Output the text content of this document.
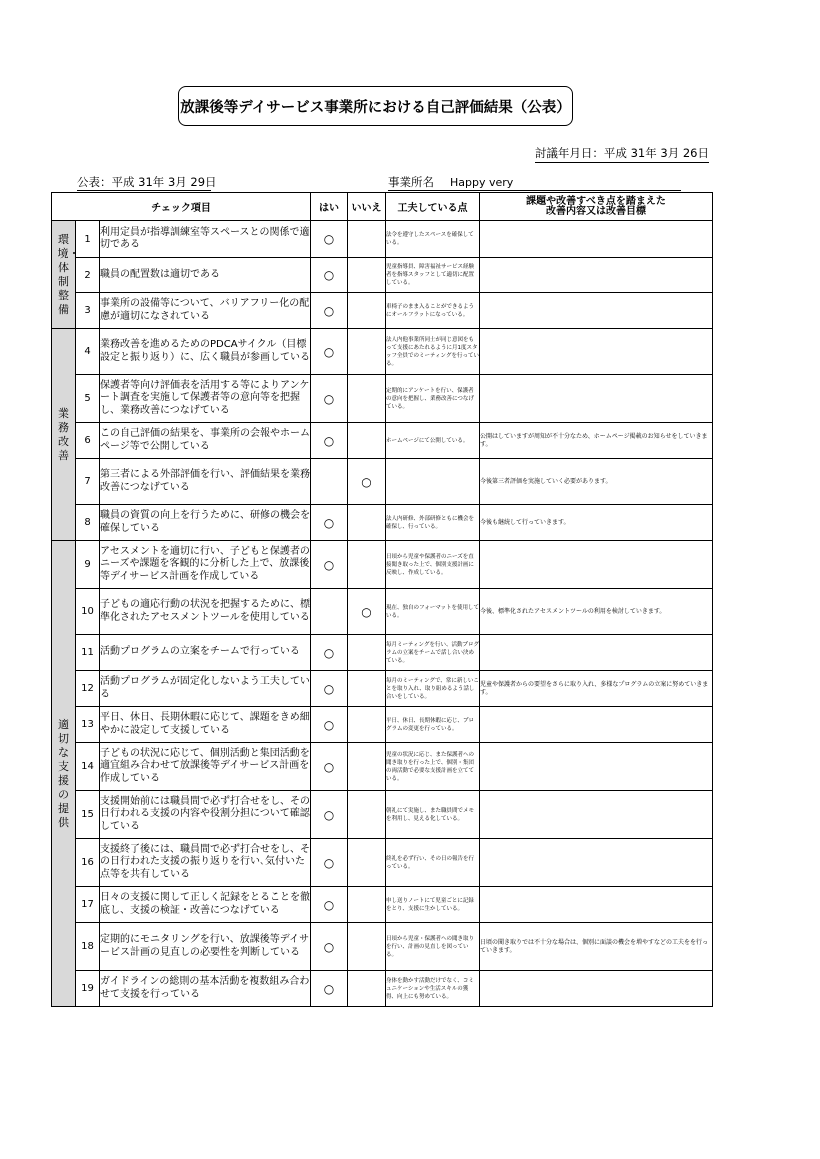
放課後等デイサービス事業所における自己評価結果（公表）
討議年月日：平成 31年 3月 26日
公表：平成 31年 3月 29日	事業所名 Happy very
チェック項目			はい	いいえ	工夫している点	課題や改善すべき点を踏まえた
改善内容又は改善目標

環境・体制整備	1	利用定員が指導訓練室等スペースとの関係で適切である	○		法令を遵守したスペースを確保している。	
	2	職員の配置数は適切である	○		児童指導員、障害福祉サービス経験者を指導スタッフとして適切に配置している。	
	3	事業所の設備等について、バリアフリー化の配慮が適切になされている	○		車椅子のまま入ることができるようにオールフラットになっている。	

業務改善	4	業務改善を進めるためのPDCAサイクル（目標設定と振り返り）に、広く職員が参画している	○		法人内他事業所同士が同じ意図をもって支援にあたれるように月1度スタッフ全員でのミーティングを行っている。	
	5	保護者等向け評価表を活用する等によりアンケート調査を実施して保護者等の意向等を把握し、業務改善につなげている	○		定期的にアンケートを行い、保護者の意向を把握し、業務改善につなげている。	
	6	この自己評価の結果を、事業所の会報やホームページ等で公開している	○		ホームページにて公開している。	公開はしていますが周知が不十分なため、ホームページ掲載のお知らせをしていきます。
	7	第三者による外部評価を行い、評価結果を業務改善につなげている		○		今後第三者評価を実施していく必要があります。
	8	職員の資質の向上を行うために、研修の機会を確保している	○		法人内研修、外部研修ともに機会を確保し、行っている。	今後も継続して行っていきます。

適切な支援の提供	9	アセスメントを適切に行い、子どもと保護者のニーズや課題を客観的に分析した上で、放課後等デイサービス計画を作成している	○		日頃から児童や保護者のニーズを直接聞き取った上で、個別支援計画に反映し、作成している。	
	10	子どもの適応行動の状況を把握するために、標準化されたアセスメントツールを使用している		○	現在、独自のフォーマットを使用している。	今後、標準化されたアセスメントツールの利用を検討していきます。
	11	活動プログラムの立案をチームで行っている	○		毎月ミーティングを行い、活動プログラムの立案をチームで話し合い決めている。	
	12	活動プログラムが固定化しないよう工夫している	○		毎月のミーティングで、常に新しいことを取り入れ、取り組めるよう話し合いをしている。	児童や保護者からの要望をさらに取り入れ、多様なプログラムの立案に努めていきます。
	13	平日、休日、長期休暇に応じて、課題をきめ細やかに設定して支援している	○		平日、休日、長期休暇に応じ、プログラムの変更を行っている。	
	14	子どもの状況に応じて、個別活動と集団活動を適宜組み合わせて放課後等デイサービス計画を作成している	○		児童の状況に応じ、また保護者への聞き取りを行った上で、個別・集団の両活動で必要な支援計画を立てている。	
	15	支援開始前には職員間で必ず打合せをし、その日行われる支援の内容や役割分担について確認している	○		朝礼にて実施し、また職員間でメモを利用し、見える化している。	
	16	支援終了後には、職員間で必ず打合せをし、その日行われた支援の振り返りを行い､気付いた点等を共有している	○		終礼を必ず行い、その日の報告を行っている。	
	17	日々の支援に関して正しく記録をとることを徹底し、支援の検証・改善につなげている	○		申し送りノートにて児童ごとに記録をとり、支援に生かしている。	
	18	定期的にモニタリングを行い、放課後等デイサービス計画の見直しの必要性を判断している	○		日頃から児童・保護者への聞き取りを行い、計画の見直しを図っている。	日頃の聞き取りでは不十分な場合は、個別に面談の機会を増やすなどの工夫をを行っていきます。
	19	ガイドラインの総則の基本活動を複数組み合わせて支援を行っている	○		身体を動かす活動だけでなく、コミュニケーションや生活スキルの獲得、向上にも努めている。	
